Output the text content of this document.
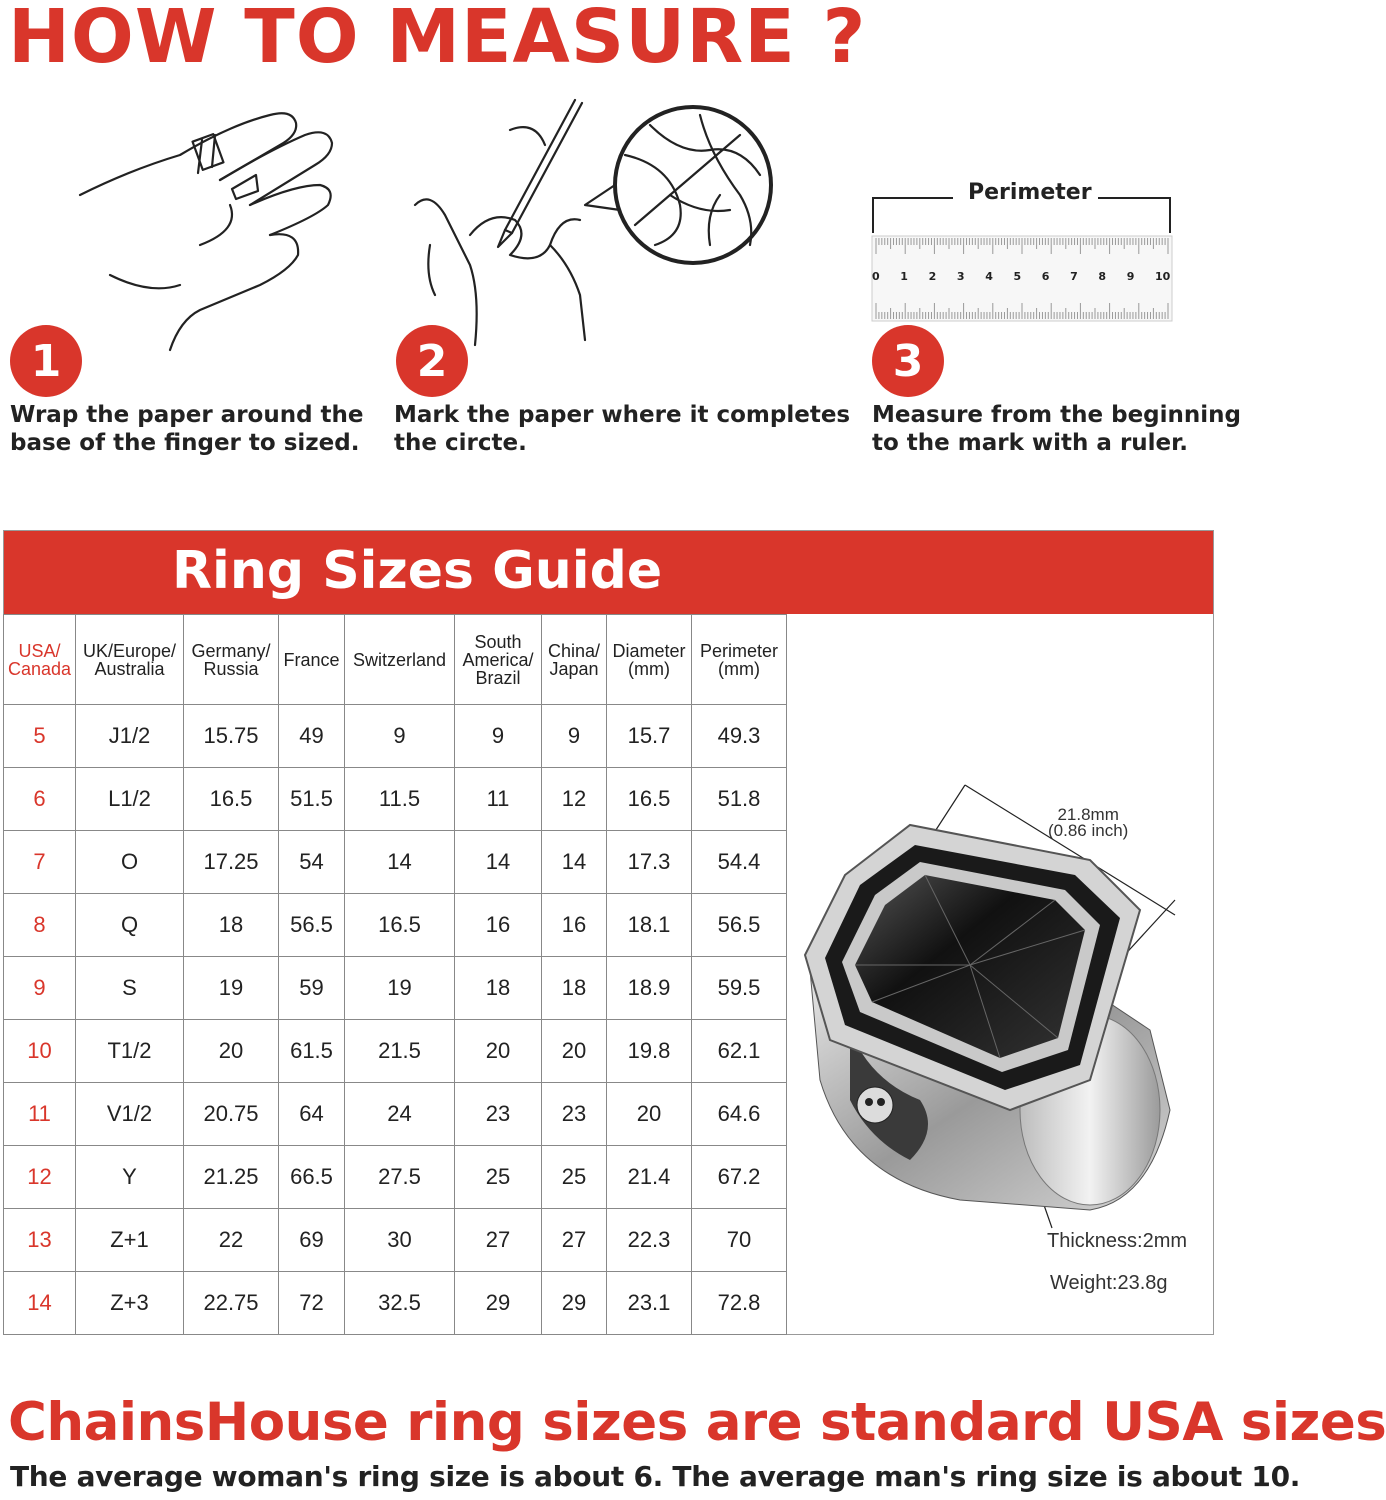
HOW TO MEASURE ?
Perimeter
0 1 2 3 4 5 6 7 8 9 10
1	2	3
Wrap the paper around the
base of the finger to sized.
Mark the paper where it completes
the circte.
Measure from the beginning
to the mark with a ruler.
Ring Sizes Guide
USA/
Canada	UK/Europe/
Australia	Germany/
Russia	France	Switzerland	South
America/
Brazil	China/
Japan	Diameter
(mm)	Perimeter
(mm)

5	J1/2	15.75	49	9	9	9	15.7	49.3
6	L1/2	16.5	51.5	11.5	11	12	16.5	51.8
7	O	17.25	54	14	14	14	17.3	54.4
8	Q	18	56.5	16.5	16	16	18.1	56.5
9	S	19	59	19	18	18	18.9	59.5
10	T1/2	20	61.5	21.5	20	20	19.8	62.1
11	V1/2	20.75	64	24	23	23	20	64.6
12	Y	21.25	66.5	27.5	25	25	21.4	67.2
13	Z+1	22	69	30	27	27	22.3	70
14	Z+3	22.75	72	32.5	29	29	23.1	72.8
21.8mm
(0.86 inch)
Thickness:2mm
Weight:23.8g
ChainsHouse ring sizes are standard USA sizes
The average woman's ring size is about 6. The average man's ring size is about 10.
